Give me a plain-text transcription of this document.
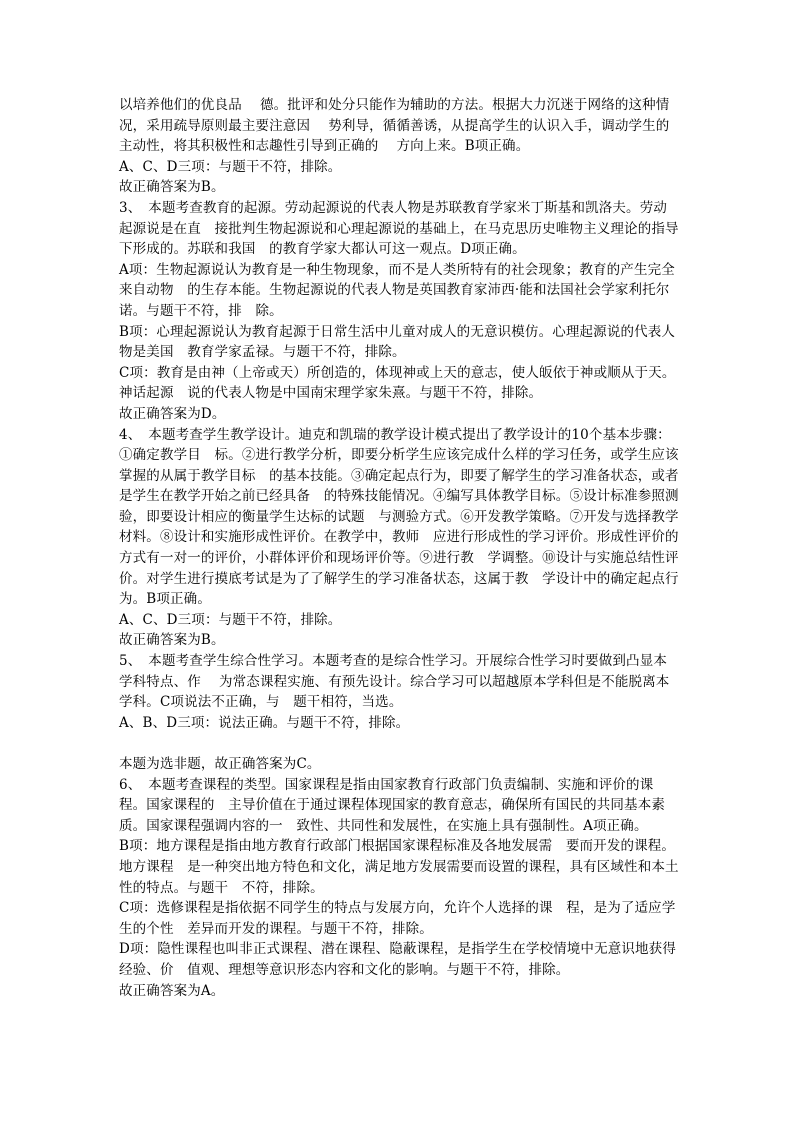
以培养他们的优良品　 德。批评和处分只能作为辅助的方法。根据大力沉迷于网络的这种情况，采用疏导原则最主要注意因　 势利导，循循善诱，从提高学生的认识入手，调动学生的主动性，将其积极性和志趣性引导到正确的　 方向上来。B项正确。

A、C、D三项：与题干不符，排除。

故正确答案为B。

3、　本题考查教育的起源。劳动起源说的代表人物是苏联教育学家米丁斯基和凯洛夫。劳动起源说是在直　接批判生物起源说和心理起源说的基础上，在马克思历史唯物主义理论的指导下形成的。苏联和我国　的教育学家大都认可这一观点。D项正确。

A项：生物起源说认为教育是一种生物现象，而不是人类所特有的社会现象；教育的产生完全来自动物　的生存本能。生物起源说的代表人物是英国教育家沛西·能和法国社会学家利托尔诺。与题干不符，排　除。

B项：心理起源说认为教育起源于日常生活中儿童对成人的无意识模仿。心理起源说的代表人物是美国　教育学家孟禄。与题干不符，排除。

C项：教育是由神（上帝或天）所创造的，体现神或上天的意志，使人皈依于神或顺从于天。神话起源　说的代表人物是中国南宋理学家朱熹。与题干不符，排除。

故正确答案为D。

4、　本题考查学生教学设计。迪克和凯瑞的教学设计模式提出了教学设计的10个基本步骤：①确定教学目　标。②进行教学分析，即要分析学生应该完成什么样的学习任务，或学生应该掌握的从属于教学目标　的基本技能。③确定起点行为，即要了解学生的学习准备状态，或者是学生在教学开始之前已经具备　的特殊技能情况。④编写具体教学目标。⑤设计标准参照测验，即要设计相应的衡量学生达标的试题　与测验方式。⑥开发教学策略。⑦开发与选择教学材料。⑧设计和实施形成性评价。在教学中，教师　应进行形成性的学习评价。形成性评价的方式有一对一的评价，小群体评价和现场评价等。⑨进行教　学调整。⑩设计与实施总结性评价。对学生进行摸底考试是为了了解学生的学习准备状态，这属于教　学设计中的确定起点行为。B项正确。

A、C、D三项：与题干不符，排除。

故正确答案为B。

5、　本题考查学生综合性学习。本题考查的是综合性学习。开展综合性学习时要做到凸显本学科特点、作　 为常态课程实施、有预先设计。综合学习可以超越原本学科但是不能脱离本学科。C项说法不正确，与　题干相符，当选。

A、B、D三项：说法正确。与题干不符，排除。

本题为选非题，故正确答案为C。

6、　本题考查课程的类型。国家课程是指由国家教育行政部门负责编制、实施和评价的课程。国家课程的　主导价值在于通过课程体现国家的教育意志，确保所有国民的共同基本素质。国家课程强调内容的一　致性、共同性和发展性，在实施上具有强制性。A项正确。

B项：地方课程是指由地方教育行政部门根据国家课程标准及各地发展需　要而开发的课程。地方课程　是一种突出地方特色和文化，满足地方发展需要而设置的课程，具有区域性和本土性的特点。与题干　不符，排除。

C项：选修课程是指依据不同学生的特点与发展方向，允许个人选择的课　程，是为了适应学生的个性　差异而开发的课程。与题干不符，排除。

D项：隐性课程也叫非正式课程、潜在课程、隐蔽课程，是指学生在学校情境中无意识地获得经验、价　值观、理想等意识形态内容和文化的影响。与题干不符，排除。

故正确答案为A。
